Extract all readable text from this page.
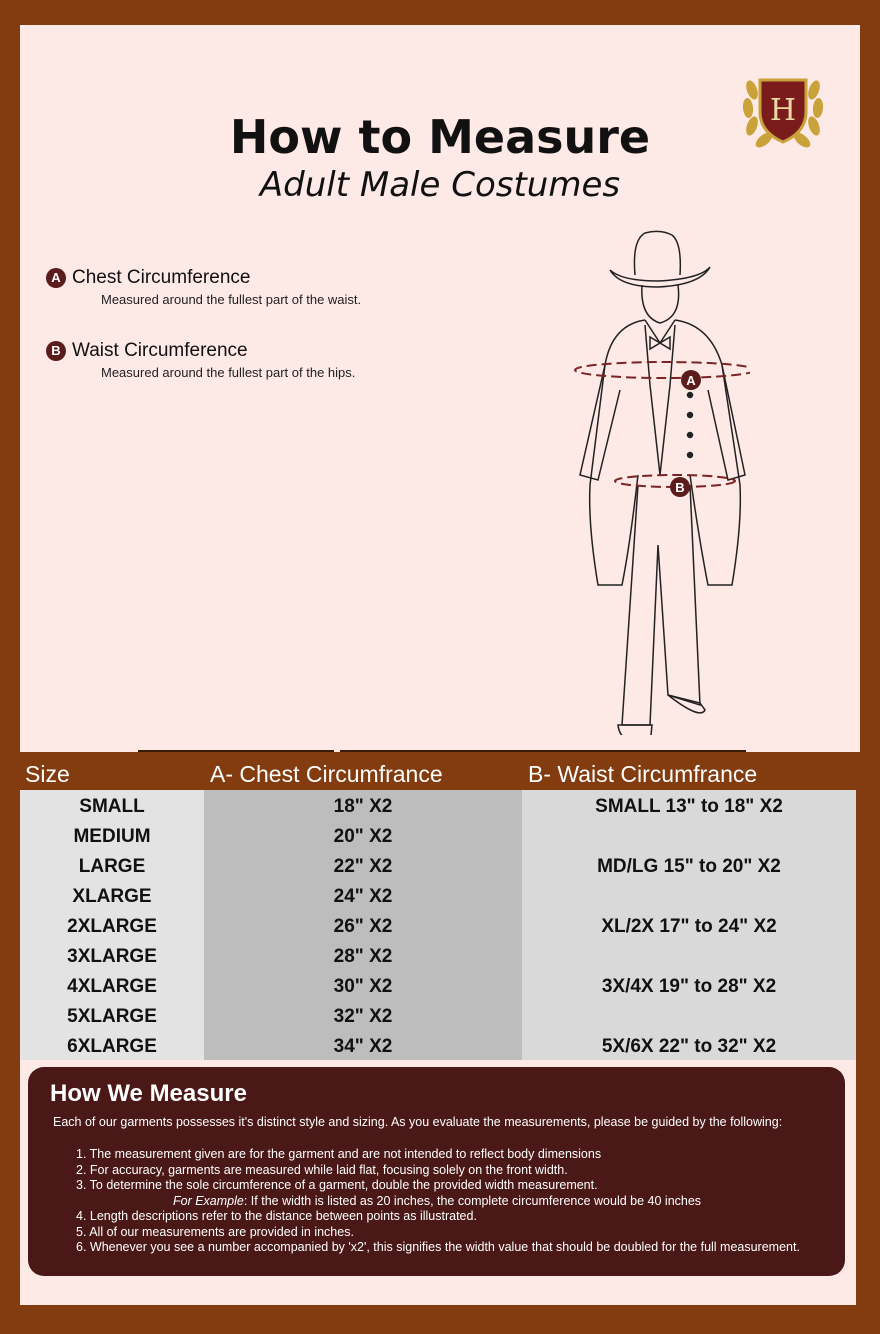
H
How to Measure
Adult Male Costumes
A Chest Circumference
Measured around the fullest part of the waist.
B Waist Circumference
Measured around the fullest part of the hips.
A
B
Size	A- Chest Circumfrance	B- Waist Circumfrance
SMALL
MEDIUM
LARGE
XLARGE
2XLARGE
3XLARGE
4XLARGE
5XLARGE
6XLARGE
18" X2
20" X2
22" X2
24" X2
26" X2
28" X2
30" X2
32" X2
34" X2
SMALL 13" to 18" X2
MD/LG 15" to 20" X2
XL/2X 17" to 24" X2
3X/4X 19" to 28" X2
5X/6X 22" to 32" X2
How We Measure
Each of our garments possesses it's distinct style and sizing. As you evaluate the measurements, please be guided by the following:
1. The measurement given are for the garment and are not intended to reflect body dimensions
2. For accuracy, garments are measured while laid flat, focusing solely on the front width.
3. To determine the sole circumference of a garment, double the provided width measurement.
For Example: If the width is listed as 20 inches, the complete circumference would be 40 inches
4. Length descriptions refer to the distance between points as illustrated.
5. All of our measurements are provided in inches.
6. Whenever you see a number accompanied by 'x2', this signifies the width value that should be doubled for the full measurement.
